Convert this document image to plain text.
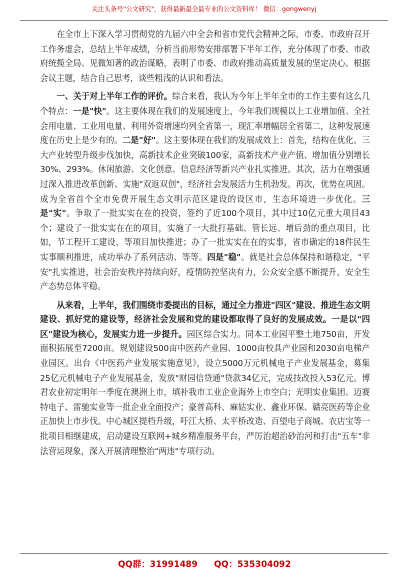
关注头条号"公文研究"，获得最新最全最专业的公文资料库！ 微信：gongwenyj

在全市上下深入学习贯彻党的九届六中全会和省市党代会精神之际，市委、市政府召开工作务虚会，总结上半年成绩，分析当前形势安排部署下半年工作，充分体现了市委、市政府统揽全局、见微知著的政治谋略，表明了市委、市政府推动高质量发展的坚定决心。根据会议主题，结合自己思考，谈些粗浅的认识和看法。

一、关于对上半年工作的评价。综合来看，我认为今年上半年全市的工作主要有这么几个特点：一是"快"。这主要体现在我们的发展速度上，今年我们规模以上工业增加值、全社会用电量、工业用电量、利用外资增速均列全省第一，现汇率增幅居全省第二，这种发展速度在历史上是少有的。二是"好"。这主要体现在我们的发展成效上：首先，结构在优化。三大产业转型升级步伐加快，高新技术企业突破100家，高新技术产业产值、增加值分别增长30%、293%。休闲旅游、文化创意、信息经济等新兴产业扎实推进。其次，活力在增强通过深入推进改革创新、实施"双返双创"，经济社会发展活力生机勃发。再次，优势在巩固。成为全省首个全市免费开展生态文明示范区建设的设区市，生态环境进一步优化。三是"实"。争取了一批实实在在的投资，签约了近100个项目，其中过10亿元重大项目43个；建设了一批实实在在的项目，实施了一大批打基础、管长远、增后劲的重点项目，比如，节工程开工建设，等项目加快推进；办了一批实实在在的实事，省市确定的18件民生实事顺利推进，成功举办了系列活动、等等。四是"稳"。就是社会总体保持和谐稳定，"平安"扎实推进，社会治安秩序持续向好，疫情防控坚决有力，公众安全感不断提升，安全生产态势总体平稳。

从来看，上半年，我们围绕市委提出的目标，通过全力推进"四区"建设、推进生态文明建设、抓好党的建设等，经济社会发展和党的建设都取得了良好的发展成效。一是以"四区"建设为核心，发展实力进一步提升。园区综合实力。同本工业园平整土地750亩，开发面积拓展至7200亩。规划建设500亩中医药产业园、1000亩校具产业园和2030亩电梯产业园区。出台《中医药产业发展实施意见》，设立5000万元机械电子产业发展基金，募集25亿元机械电子产业发展基金，发放"财园信贷通"贷款34亿元，完成技改投入53亿元。博君农业初定明年一季度在澳洲上市，填补我市工业企业海外上市空白；光明实业集团、迈赛特电子、雷驰实业等一批企业全面投产；豪普高科、麻姑实业、鑫业环保、赣亮医药等企业正加快上市步伐。中心城区提档升级，吁江大桥、太平桥改造、百望电子商城、农店宝等一批项目相继建成，启动建设互联网+城乡精准服务平台，严厉治超治砂治河和打击"五车"非法营运现象，深入开展清理整治"两违"专项行动。

QQ群：31991489 QQ：535304092
